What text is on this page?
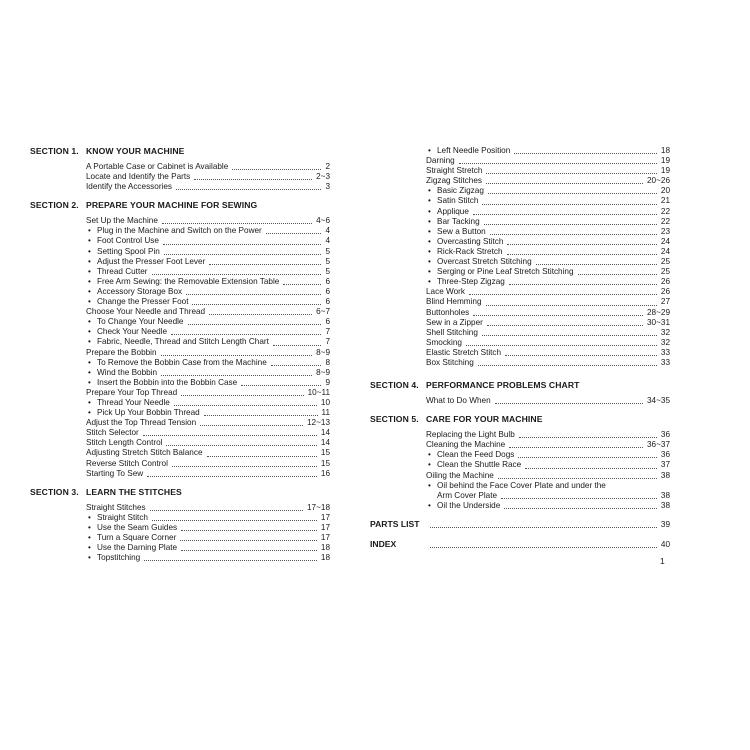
SECTION 1. KNOW YOUR MACHINE
A Portable Case or Cabinet is Available	2
Locate and Identify the Parts	2~3
Identify the Accessories	3
SECTION 2. PREPARE YOUR MACHINE FOR SEWING
Set Up the Machine	4~6
• Plug in the Machine and Switch on the Power	4
• Foot Control Use	4
• Setting Spool Pin	5
• Adjust the Presser Foot Lever	5
• Thread Cutter	5
• Free Arm Sewing: the Removable Extension Table	6
• Accessory Storage Box	6
• Change the Presser Foot	6
Choose Your Needle and Thread	6~7
• To Change Your Needle	6
• Check Your Needle	7
• Fabric, Needle, Thread and Stitch Length Chart	7
Prepare the Bobbin	8~9
• To Remove the Bobbin Case from the Machine	8
• Wind the Bobbin	8~9
• Insert the Bobbin into the Bobbin Case	9
Prepare Your Top Thread	10~11
• Thread Your Needle	10
• Pick Up Your Bobbin Thread	11
Adjust the Top Thread Tension	12~13
Stitch Selector	14
Stitch Length Control	14
Adjusting Stretch Stitch Balance	15
Reverse Stitch Control	15
Starting To Sew	16
SECTION 3. LEARN THE STITCHES
Straight Stitches	17~18
• Straight Stitch	17
• Use the Seam Guides	17
• Turn a Square Corner	17
• Use the Darning Plate	18
• Topstitching	18
• Left Needle Position	18
Darning	19
Straight Stretch	19
Zigzag Stitches	20~26
• Basic Zigzag	20
• Satin Stitch	21
• Applique	22
• Bar Tacking	22
• Sew a Button	23
• Overcasting Stitch	24
• Rick-Rack Stretch	24
• Overcast Stretch Stitching	25
• Serging or Pine Leaf Stretch Stitching	25
• Three-Step Zigzag	26
Lace Work	26
Blind Hemming	27
Buttonholes	28~29
Sew in a Zipper	30~31
Shell Stitching	32
Smocking	32
Elastic Stretch Stitch	33
Box Stitching	33
SECTION 4. PERFORMANCE PROBLEMS CHART
What to Do When	34~35
SECTION 5. CARE FOR YOUR MACHINE
Replacing the Light Bulb	36
Cleaning the Machine	36~37
• Clean the Feed Dogs	36
• Clean the Shuttle Race	37
Oiling the Machine	38
• Oil behind the Face Cover Plate and under the
Arm Cover Plate	38
• Oil the Underside	38
PARTS LIST	39
INDEX	40
1
